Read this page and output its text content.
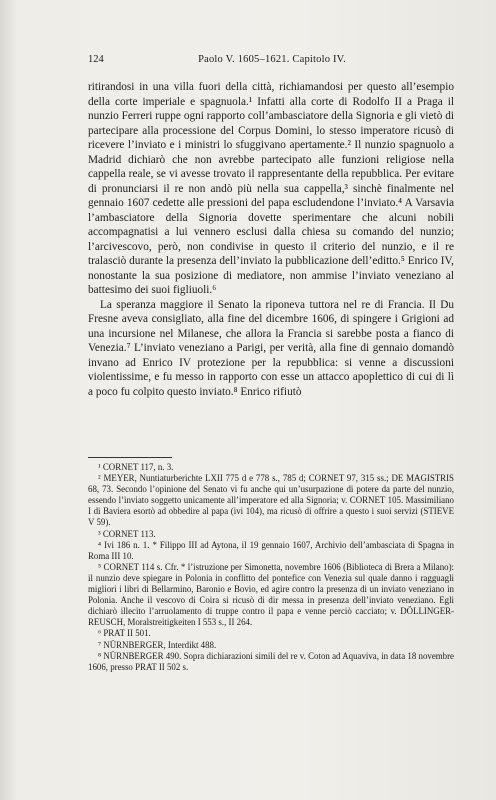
124	Paolo V. 1605–1621. Capitolo IV.

ritirandosi in una villa fuori della città, richiamandosi per questo all’esempio della corte imperiale e spagnuola.¹ Infatti alla corte di Rodolfo II a Praga il nunzio Ferreri ruppe ogni rapporto coll’ambasciatore della Signoria e gli vietò di partecipare alla processione del Corpus Domini, lo stesso imperatore ricusò di ricevere l’inviato e i ministri lo sfuggivano apertamente.² Il nunzio spagnuolo a Madrid dichiarò che non avrebbe partecipato alle funzioni religiose nella cappella reale, se vi avesse trovato il rappresentante della repubblica. Per evitare di pronunciarsi il re non andò più nella sua cappella,³ sinchè finalmente nel gennaio 1607 cedette alle pressioni del papa escludendone l’inviato.⁴ A Varsavia l’ambasciatore della Signoria dovette sperimentare che alcuni nobili accompagnatisi a lui vennero esclusi dalla chiesa su comando del nunzio; l’arcivescovo, però, non condivise in questo il criterio del nunzio, e il re tralasciò durante la presenza dell’inviato la pubblicazione dell’editto.⁵ Enrico IV, nonostante la sua posizione di mediatore, non ammise l’inviato veneziano al battesimo dei suoi figliuoli.⁶

La speranza maggiore il Senato la riponeva tuttora nel re di Francia. Il Du Fresne aveva consigliato, alla fine del dicembre 1606, di spingere i Grigioni ad una incursione nel Milanese, che allora la Francia si sarebbe posta a fianco di Venezia.⁷ L’inviato veneziano a Parigi, per verità, alla fine di gennaio domandò invano ad Enrico IV protezione per la repubblica: si venne a discussioni violentissime, e fu messo in rapporto con esse un attacco apoplettico di cui di lì a poco fu colpito questo inviato.⁸ Enrico rifiutò

¹ CORNET 117, n. 3.

² MEYER, Nuntiaturberichte LXII 775 d e 778 s., 785 d; CORNET 97, 315 ss.; DE MAGISTRIS 68, 73. Secondo l’opinione del Senato vi fu anche qui un’usurpazione di potere da parte del nunzio, essendo l’inviato soggetto unicamente all’imperatore ed alla Signoria; v. CORNET 105. Massimiliano I di Baviera esortò ad obbedire al papa (ivi 104), ma ricusò di offrire a questo i suoi servizi (STIEVE V 59).

³ CORNET 113.

⁴ Ivi 186 n. 1. * Filippo III ad Aytona, il 19 gennaio 1607, Archivio dell’ambasciata di Spagna in Roma III 10.

⁵ CORNET 114 s. Cfr. * l’istruzione per Simonetta, novembre 1606 (Biblioteca di Brera a Milano): il nunzio deve spiegare in Polonia in conflitto del pontefice con Venezia sul quale danno i ragguagli migliori i libri di Bellarmino, Baronio e Bovio, ed agire contro la presenza di un inviato veneziano in Polonia. Anche il vescovo di Coira si ricusò di dir messa in presenza dell’inviato veneziano. Egli dichiarò illecito l’arruolamento di truppe contro il papa e venne perciò cacciato; v. DÖLLINGER-REUSCH, Moralstreitigkeiten I 553 s., II 264.

⁶ PRAT II 501.

⁷ NÜRNBERGER, Interdikt 488.

⁸ NÜRNBERGER 490. Sopra dichiarazioni simili del re v. Coton ad Aquaviva, in data 18 novembre 1606, presso PRAT II 502 s.
